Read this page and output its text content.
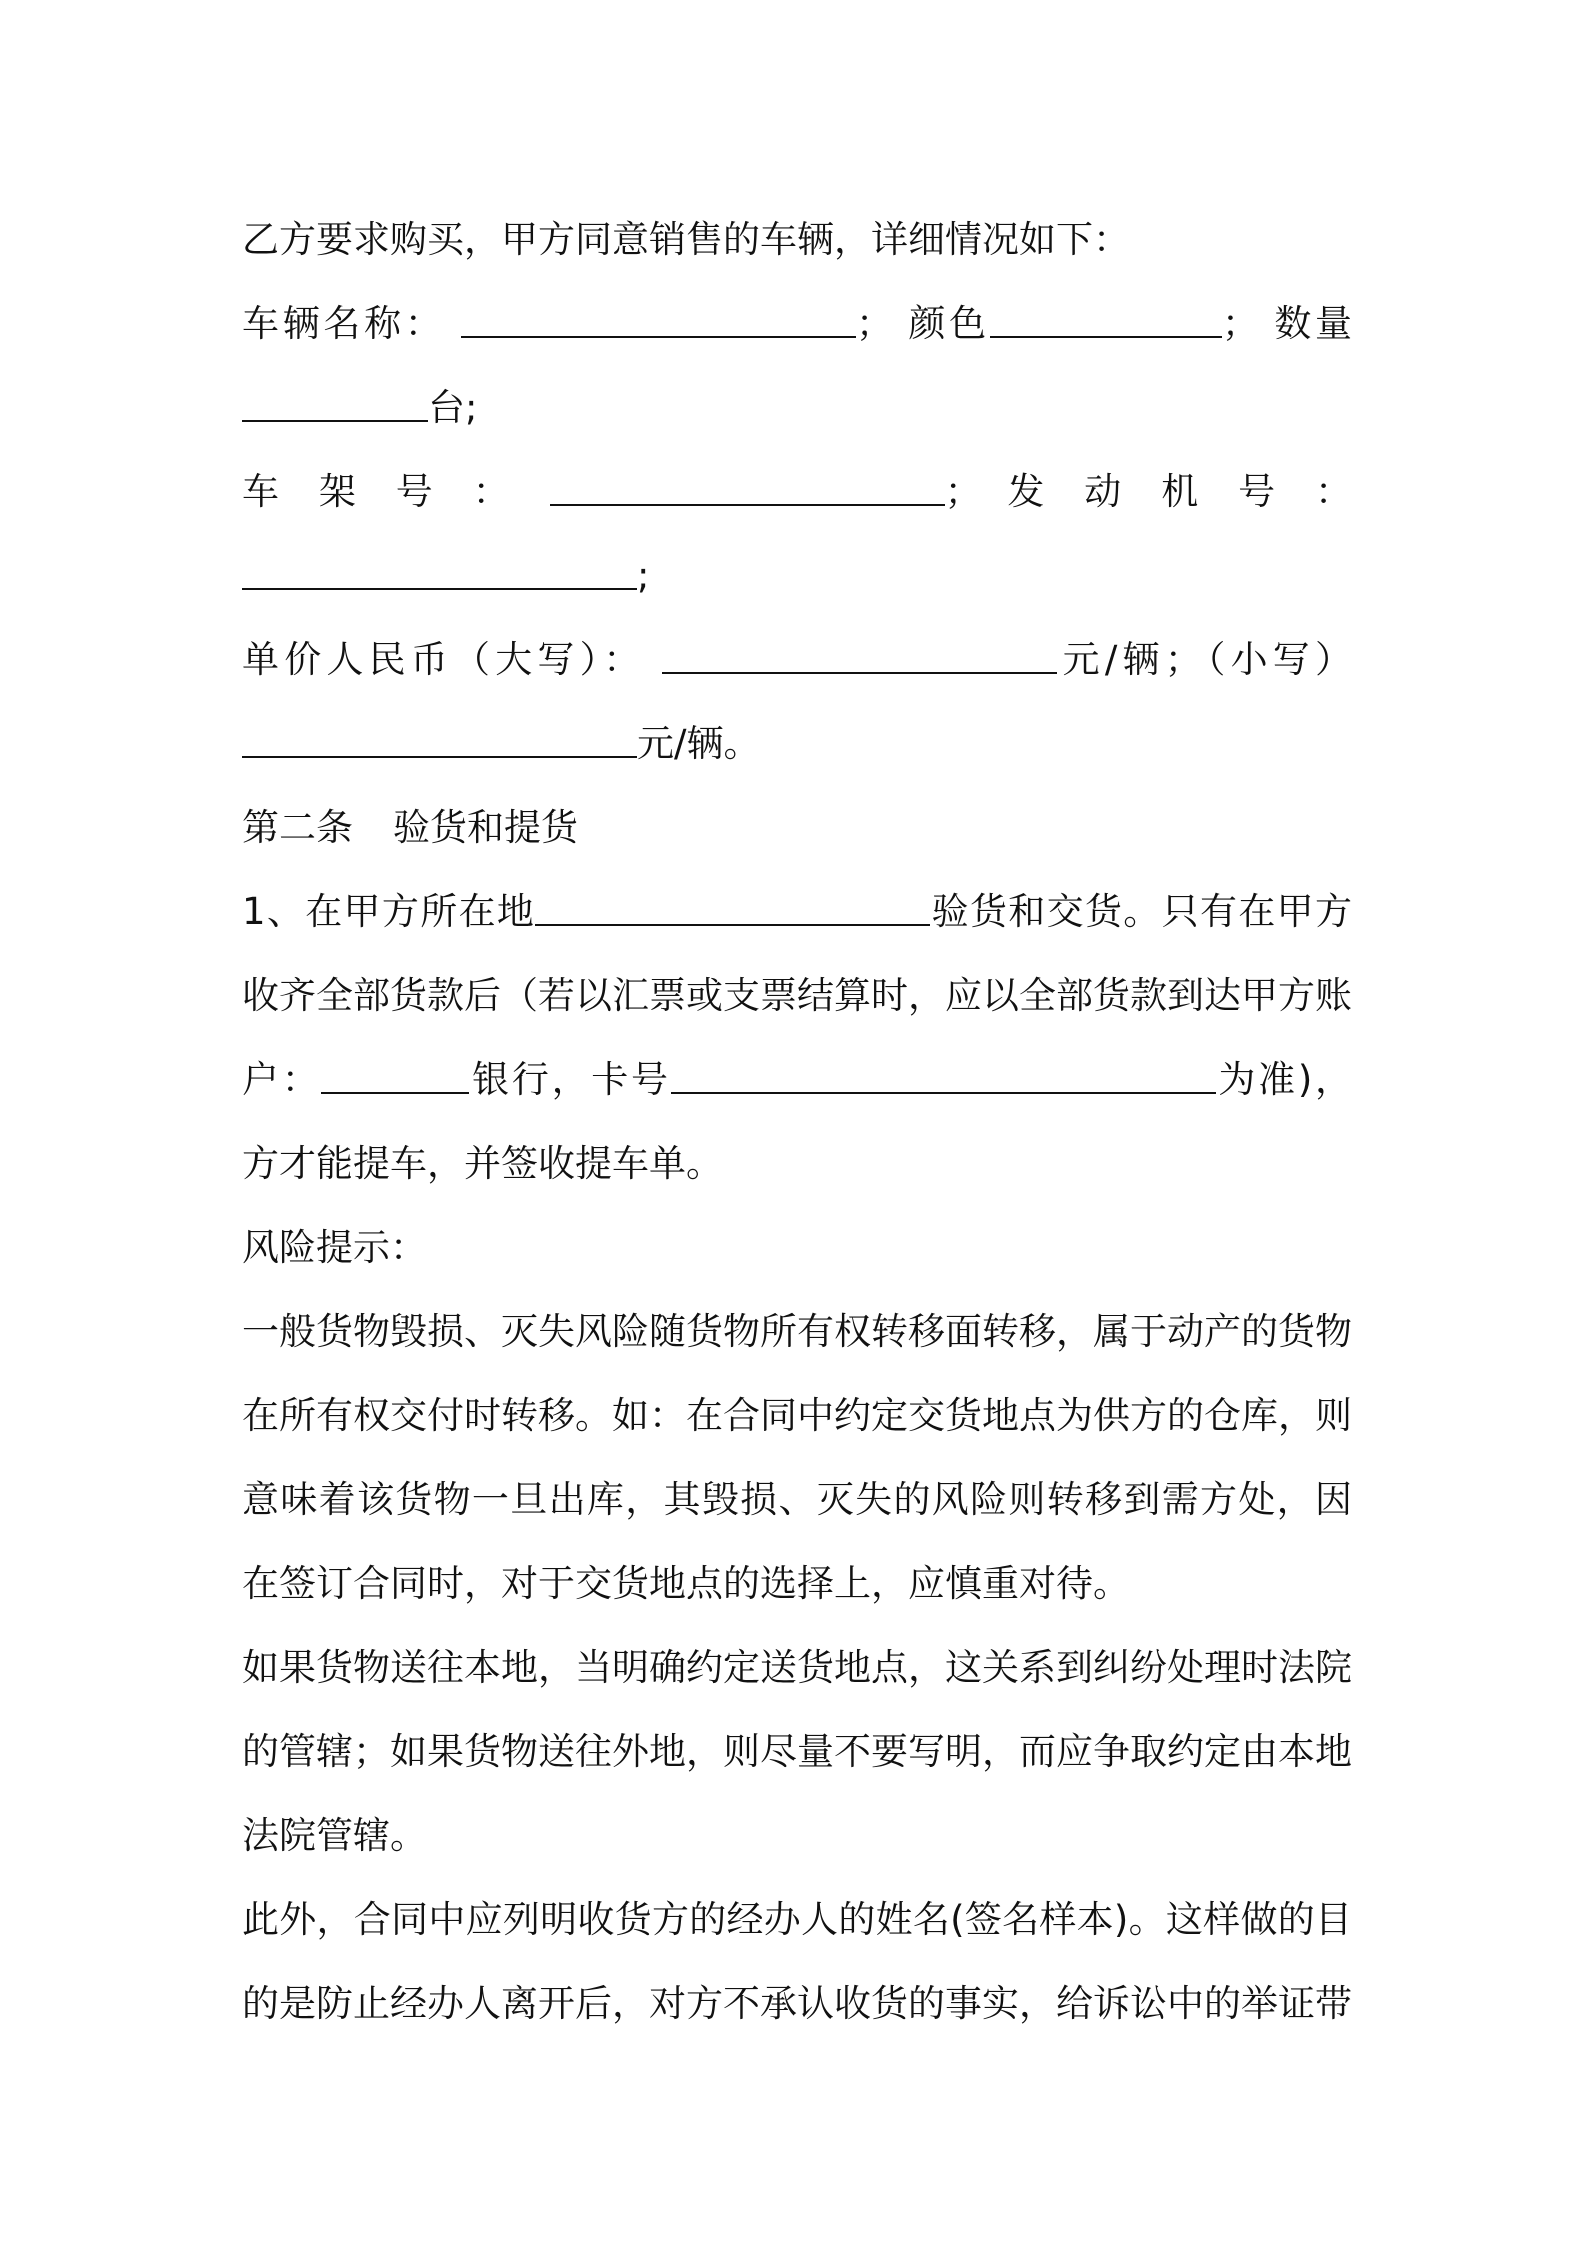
乙方要求购买，甲方同意销售的车辆，详细情况如下：
车辆名称：	； 颜色	； 数量
台;
车 架 号 ：	； 发 动 机 号 ：
;
单价人民币（大写）：	元/辆；（小写）
元/辆。
第二条 验货和提货
1、在甲方所在地	验货和交货。只有在甲方
收齐全部货款后（若以汇票或支票结算时，应以全部货款到达甲方账
户：	银行，卡号	为准)，
方才能提车，并签收提车单。
风险提示：
一般货物毁损、灭失风险随货物所有权转移面转移，属于动产的货物
在所有权交付时转移。如：在合同中约定交货地点为供方的仓库，则
意味着该货物一旦出库，其毁损、灭失的风险则转移到需方处，因
在签订合同时，对于交货地点的选择上，应慎重对待。
如果货物送往本地，当明确约定送货地点，这关系到纠纷处理时法院
的管辖；如果货物送往外地，则尽量不要写明，而应争取约定由本地
法院管辖。
此外，合同中应列明收货方的经办人的姓名(签名样本)。这样做的目
的是防止经办人离开后，对方不承认收货的事实，给诉讼中的举证带
